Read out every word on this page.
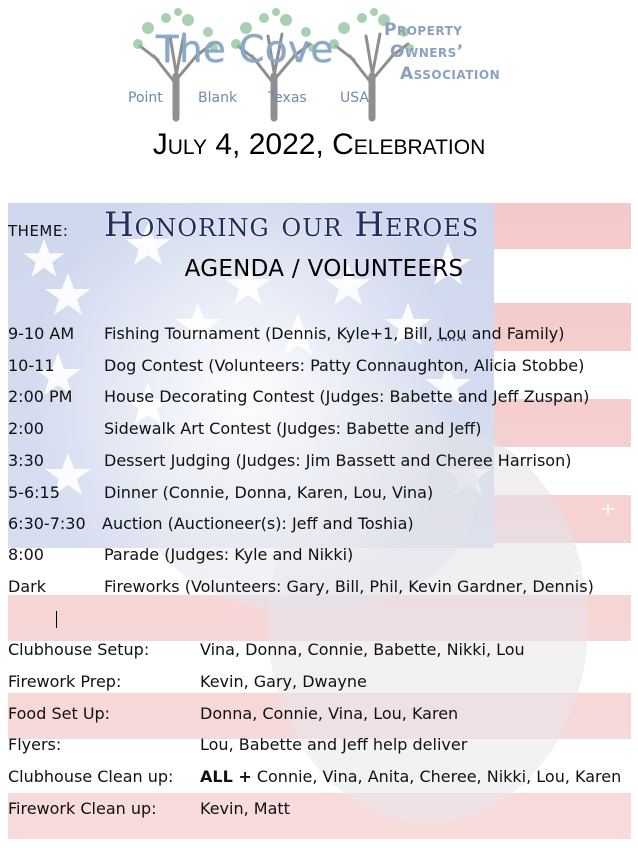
The Cove
Point	Blank Texas USA
Property
Owners’
Association
July 4, 2022, Celebration
THEME: Honoring our Heroes
AGENDA / VOLUNTEERS
9-10 AM Fishing Tournament (Dennis, Kyle+1, Bill, Lou and Family)
10-11	Dog Contest (Volunteers: Patty Connaughton, Alicia Stobbe)
2:00 PM House Decorating Contest (Judges: Babette and Jeff Zuspan)
2:00	Sidewalk Art Contest (Judges: Babette and Jeff)
3:30	Dessert Judging (Judges: Jim Bassett and Cheree Harrison)
5-6:15	Dinner (Connie, Donna, Karen, Lou, Vina)
6:30-7:30 Auction (Auctioneer(s): Jeff and Toshia)
8:00	Parade (Judges: Kyle and Nikki)
Dark	Fireworks (Volunteers: Gary, Bill, Phil, Kevin Gardner, Dennis)
Clubhouse Setup:	Vina, Donna, Connie, Babette, Nikki, Lou
Firework Prep:	Kevin, Gary, Dwayne
Food Set Up:	Donna, Connie, Vina, Lou, Karen
Flyers:	Lou, Babette and Jeff help deliver
Clubhouse Clean up: ALL + Connie, Vina, Anita, Cheree, Nikki, Lou, Karen
Firework Clean up:	Kevin, Matt
